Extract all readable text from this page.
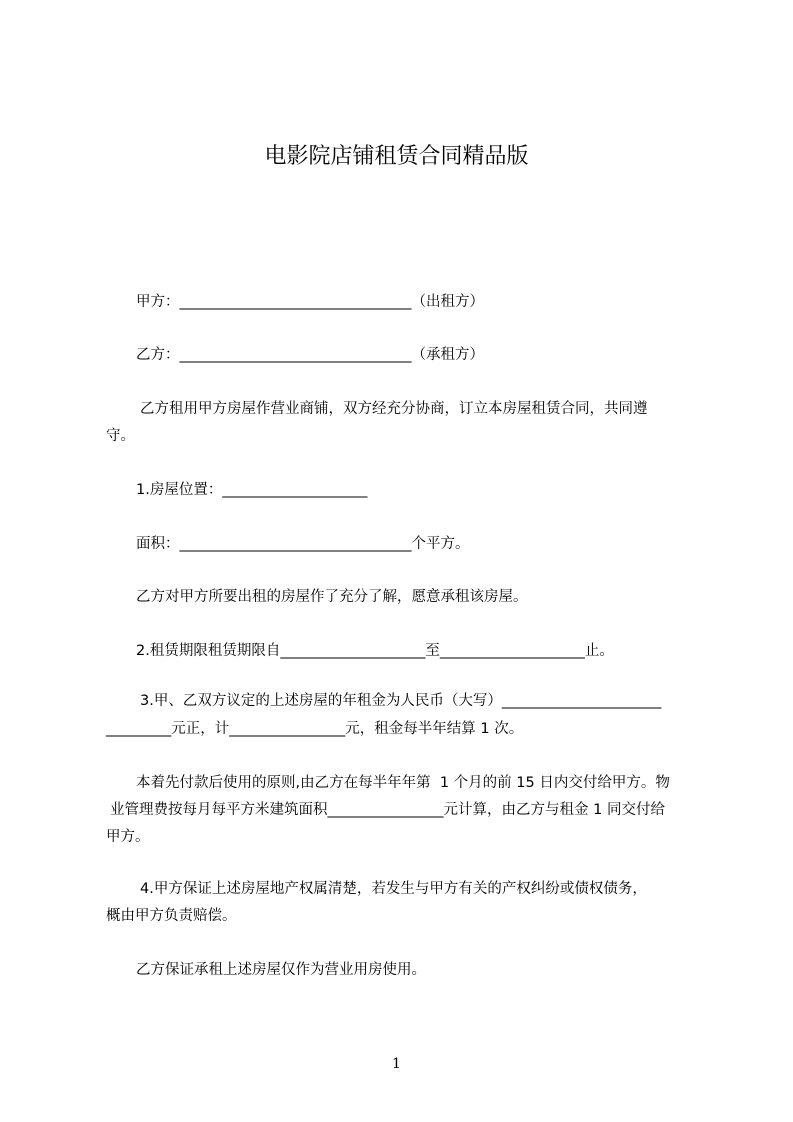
电影院店铺租赁合同精品版
甲方：________________________________（出租方）
乙方：________________________________（承租方）
乙方租用甲方房屋作营业商铺，双方经充分协商，订立本房屋租赁合同，共同遵
守。
1.房屋位置：____________________
面积：________________________________个平方。
乙方对甲方所要出租的房屋作了充分了解，愿意承租该房屋。
2.租赁期限租赁期限自____________________至____________________止。
3.甲、乙双方议定的上述房屋的年租金为人民币（大写）______________________
_________元正，计________________元，租金每半年结算 1 次。
本着先付款后使用的原则,由乙方在每半年年第  1 个月的前 15 日内交付给甲方。物
业管理费按每月每平方米建筑面积________________元计算，由乙方与租金 1 同交付给
甲方。
4.甲方保证上述房屋地产权属清楚，若发生与甲方有关的产权纠纷或债权债务，
概由甲方负责赔偿。
乙方保证承租上述房屋仅作为营业用房使用。
1
